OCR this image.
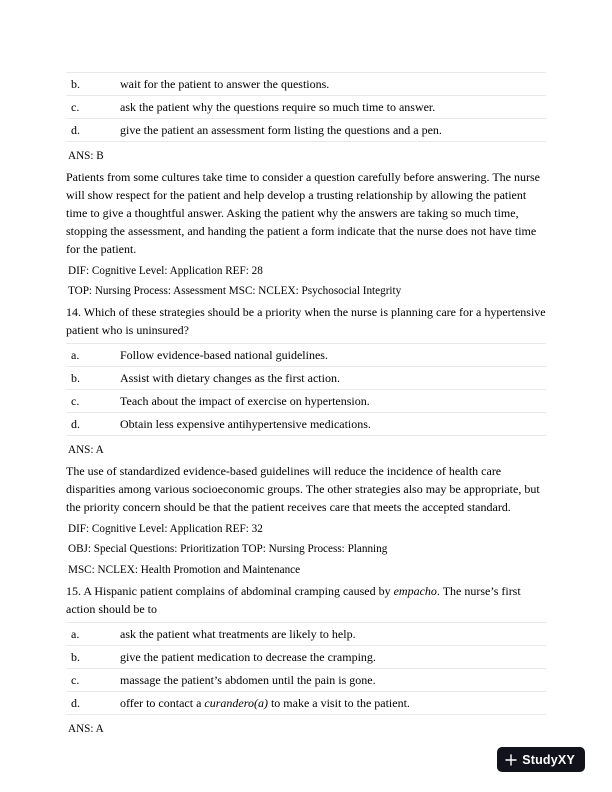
b.	wait for the patient to answer the questions.
c.	ask the patient why the questions require so much time to answer.
d.	give the patient an assessment form listing the questions and a pen.

ANS: B

Patients from some cultures take time to consider a question carefully before answering. The nurse will show respect for the patient and help develop a trusting relationship by allowing the patient time to give a thoughtful answer. Asking the patient why the answers are taking so much time, stopping the assessment, and handing the patient a form indicate that the nurse does not have time for the patient.

DIF: Cognitive Level: Application REF: 28

TOP: Nursing Process: Assessment MSC: NCLEX: Psychosocial Integrity

14. Which of these strategies should be a priority when the nurse is planning care for a hypertensive patient who is uninsured?

a.	Follow evidence-based national guidelines.
b.	Assist with dietary changes as the first action.
c.	Teach about the impact of exercise on hypertension.
d.	Obtain less expensive antihypertensive medications.

ANS: A

The use of standardized evidence-based guidelines will reduce the incidence of health care disparities among various socioeconomic groups. The other strategies also may be appropriate, but the priority concern should be that the patient receives care that meets the accepted standard.

DIF: Cognitive Level: Application REF: 32

OBJ: Special Questions: Prioritization TOP: Nursing Process: Planning

MSC: NCLEX: Health Promotion and Maintenance

15. A Hispanic patient complains of abdominal cramping caused by empacho. The nurse’s first action should be to

a.	ask the patient what treatments are likely to help.
b.	give the patient medication to decrease the cramping.
c.	massage the patient’s abdomen until the pain is gone.
d.	offer to contact a curandero(a) to make a visit to the patient.

ANS: A

StudyXY
